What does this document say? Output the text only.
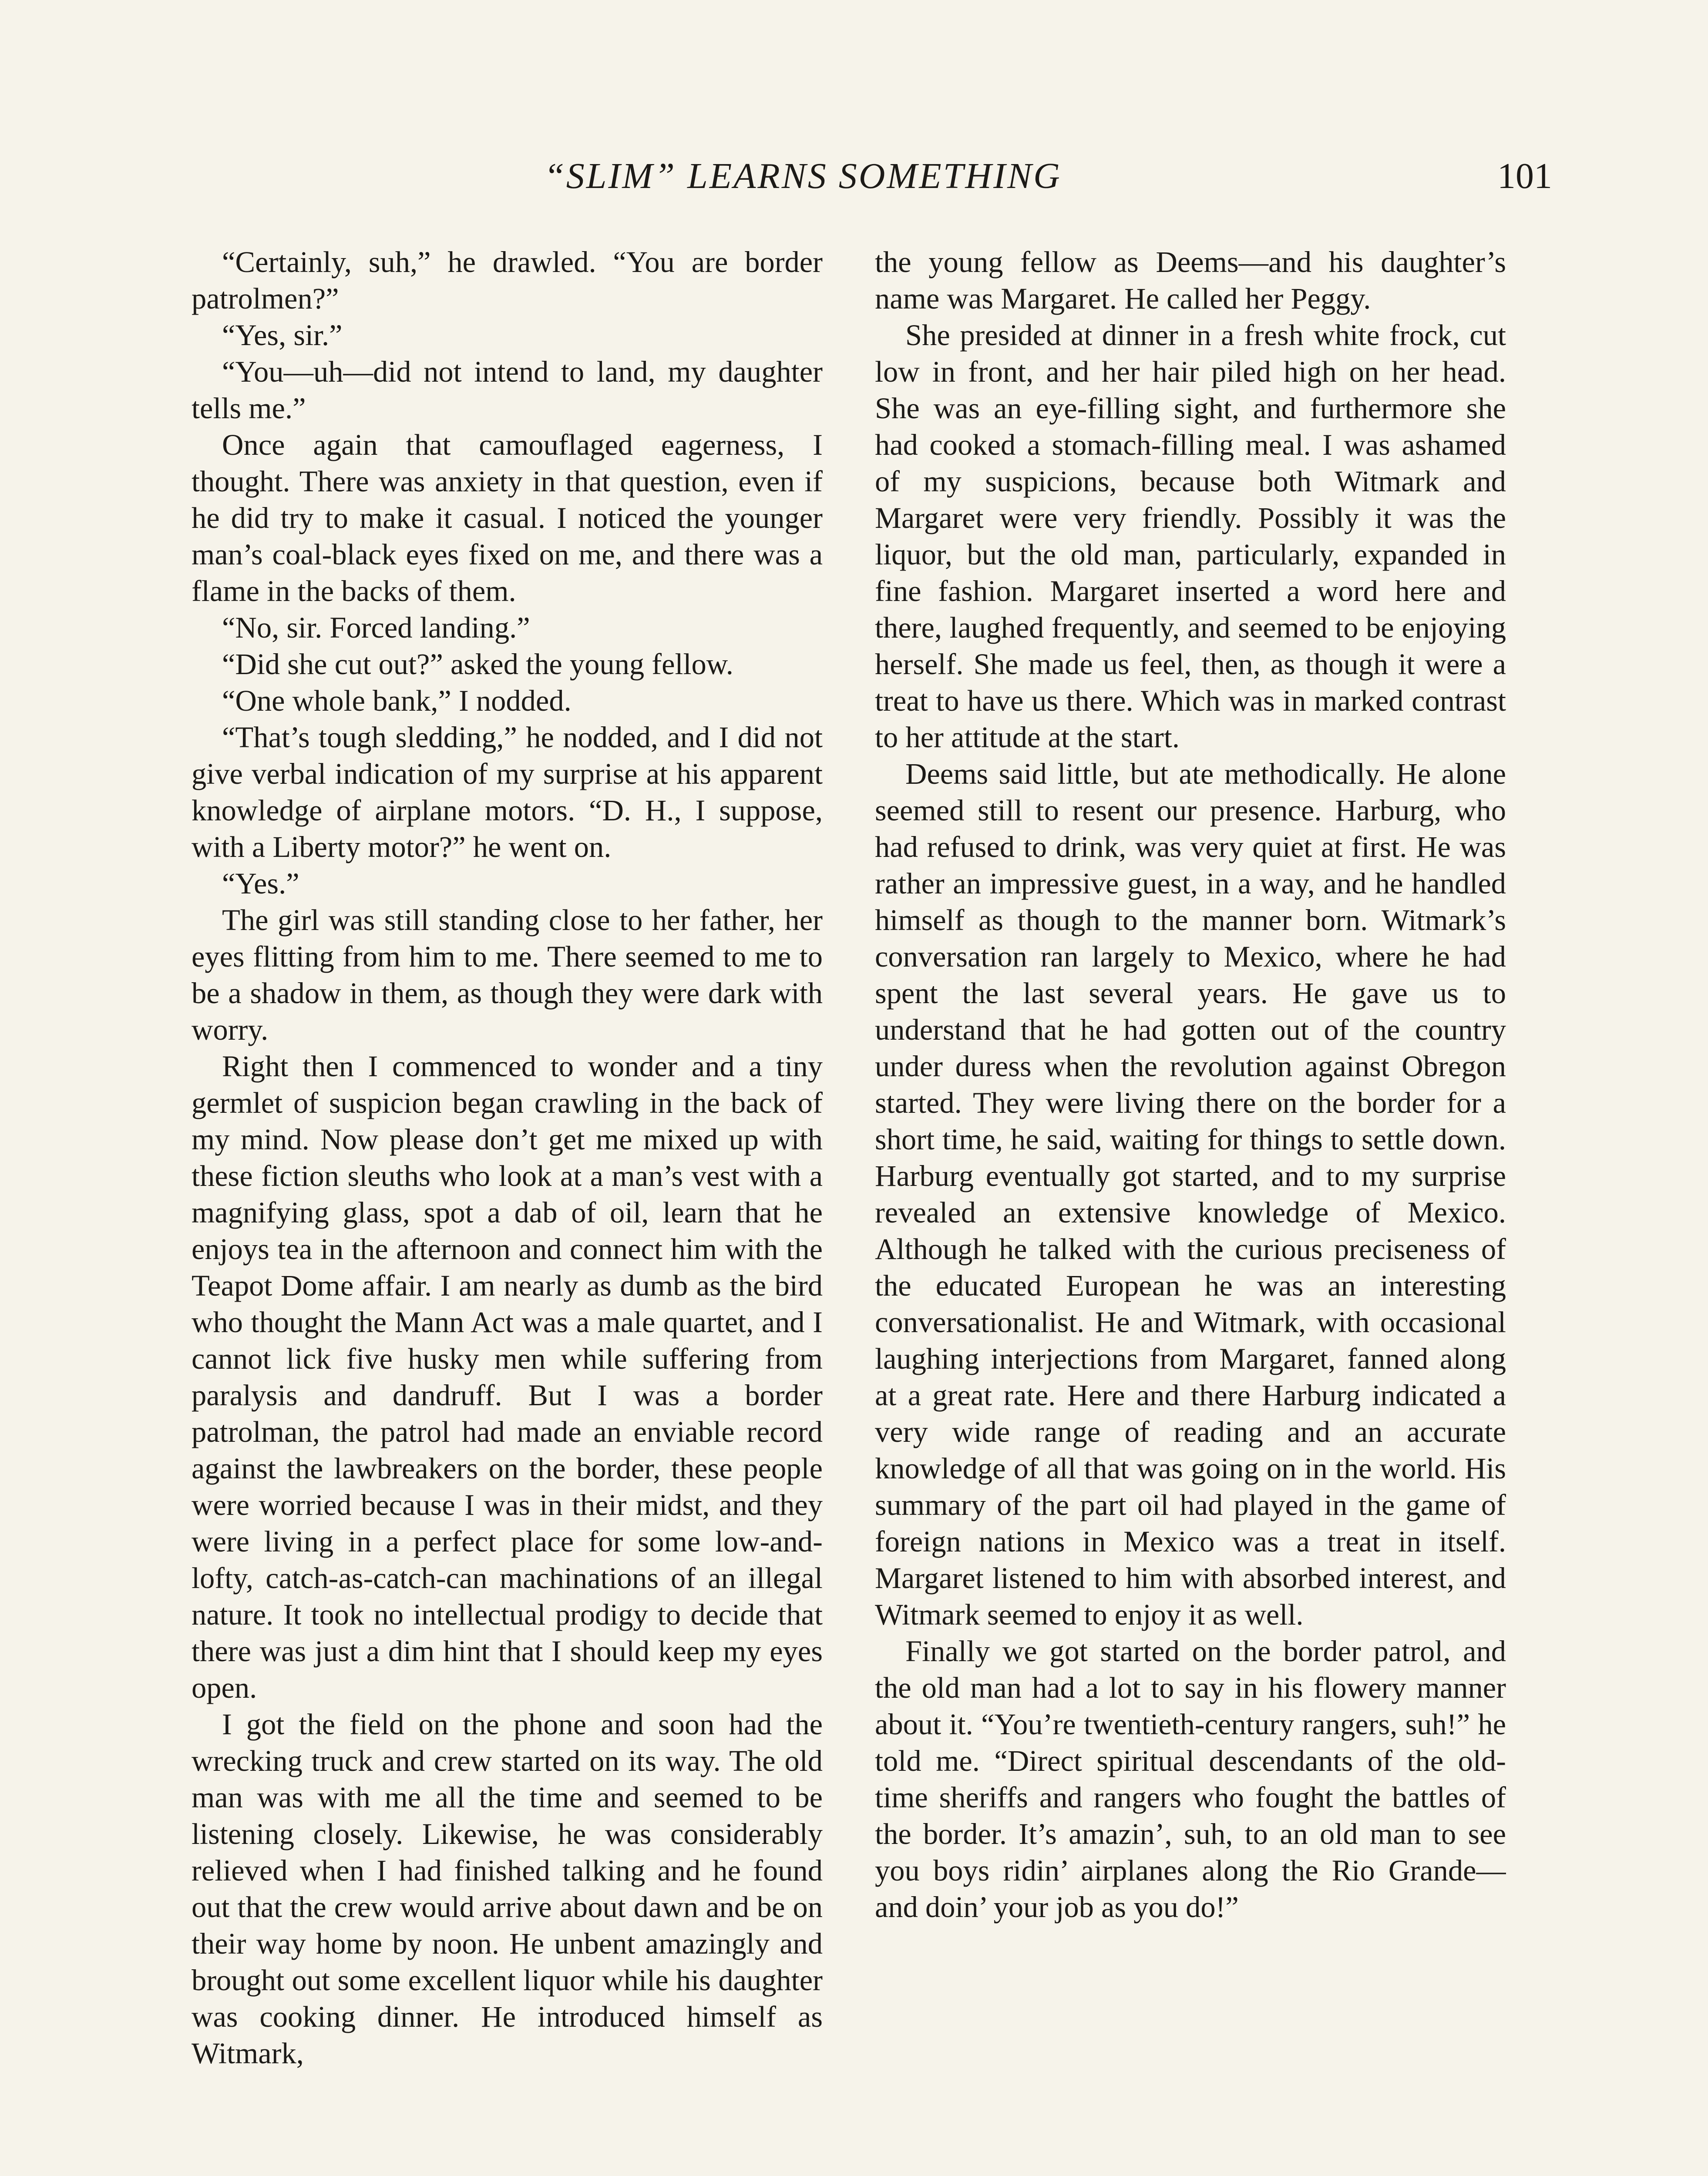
“SLIM” LEARNS SOMETHING	101

“Certainly, suh,” he drawled. “You are border patrolmen?”

“Yes, sir.”

“You—uh—did not intend to land, my daughter tells me.”

Once again that camouflaged eagerness, I thought. There was anxiety in that question, even if he did try to make it casual. I noticed the younger man’s coal-black eyes fixed on me, and there was a flame in the backs of them.

“No, sir. Forced landing.”

“Did she cut out?” asked the young fellow.

“One whole bank,” I nodded.

“That’s tough sledding,” he nodded, and I did not give verbal indication of my surprise at his apparent knowledge of airplane motors. “D. H., I suppose, with a Liberty motor?” he went on.

“Yes.”

The girl was still standing close to her father, her eyes flitting from him to me. There seemed to me to be a shadow in them, as though they were dark with worry.

Right then I commenced to wonder and a tiny germlet of suspicion began crawling in the back of my mind. Now please don’t get me mixed up with these fiction sleuths who look at a man’s vest with a magnifying glass, spot a dab of oil, learn that he enjoys tea in the afternoon and connect him with the Teapot Dome affair. I am nearly as dumb as the bird who thought the Mann Act was a male quartet, and I cannot lick five husky men while suffering from paralysis and dandruff. But I was a border patrolman, the patrol had made an enviable record against the lawbreakers on the border, these people were worried because I was in their midst, and they were living in a perfect place for some low-and-lofty, catch-as-catch-can machinations of an illegal nature. It took no intellectual prodigy to decide that there was just a dim hint that I should keep my eyes open.

I got the field on the phone and soon had the wrecking truck and crew started on its way. The old man was with me all the time and seemed to be listening closely. Likewise, he was considerably relieved when I had finished talking and he found out that the crew would arrive about dawn and be on their way home by noon. He unbent amazingly and brought out some excellent liquor while his daughter was cooking dinner. He introduced himself as Witmark,

the young fellow as Deems—and his daughter’s name was Margaret. He called her Peggy.

She presided at dinner in a fresh white frock, cut low in front, and her hair piled high on her head. She was an eye-filling sight, and furthermore she had cooked a stomach-filling meal. I was ashamed of my suspicions, because both Witmark and Margaret were very friendly. Possibly it was the liquor, but the old man, particularly, expanded in fine fashion. Margaret inserted a word here and there, laughed frequently, and seemed to be enjoying herself. She made us feel, then, as though it were a treat to have us there. Which was in marked contrast to her attitude at the start.

Deems said little, but ate methodically. He alone seemed still to resent our presence. Harburg, who had refused to drink, was very quiet at first. He was rather an impressive guest, in a way, and he handled himself as though to the manner born. Witmark’s conversation ran largely to Mexico, where he had spent the last several years. He gave us to understand that he had gotten out of the country under duress when the revolution against Obregon started. They were living there on the border for a short time, he said, waiting for things to settle down. Harburg eventually got started, and to my surprise revealed an extensive knowledge of Mexico. Although he talked with the curious preciseness of the educated European he was an interesting conversationalist. He and Witmark, with occasional laughing interjections from Margaret, fanned along at a great rate. Here and there Harburg indicated a very wide range of reading and an accurate knowledge of all that was going on in the world. His summary of the part oil had played in the game of foreign nations in Mexico was a treat in itself. Margaret listened to him with absorbed interest, and Witmark seemed to enjoy it as well.

Finally we got started on the border patrol, and the old man had a lot to say in his flowery manner about it. “You’re twentieth-century rangers, suh!” he told me. “Direct spiritual descendants of the old-time sheriffs and rangers who fought the battles of the border. It’s amazin’, suh, to an old man to see you boys ridin’ airplanes along the Rio Grande—and doin’ your job as you do!”
